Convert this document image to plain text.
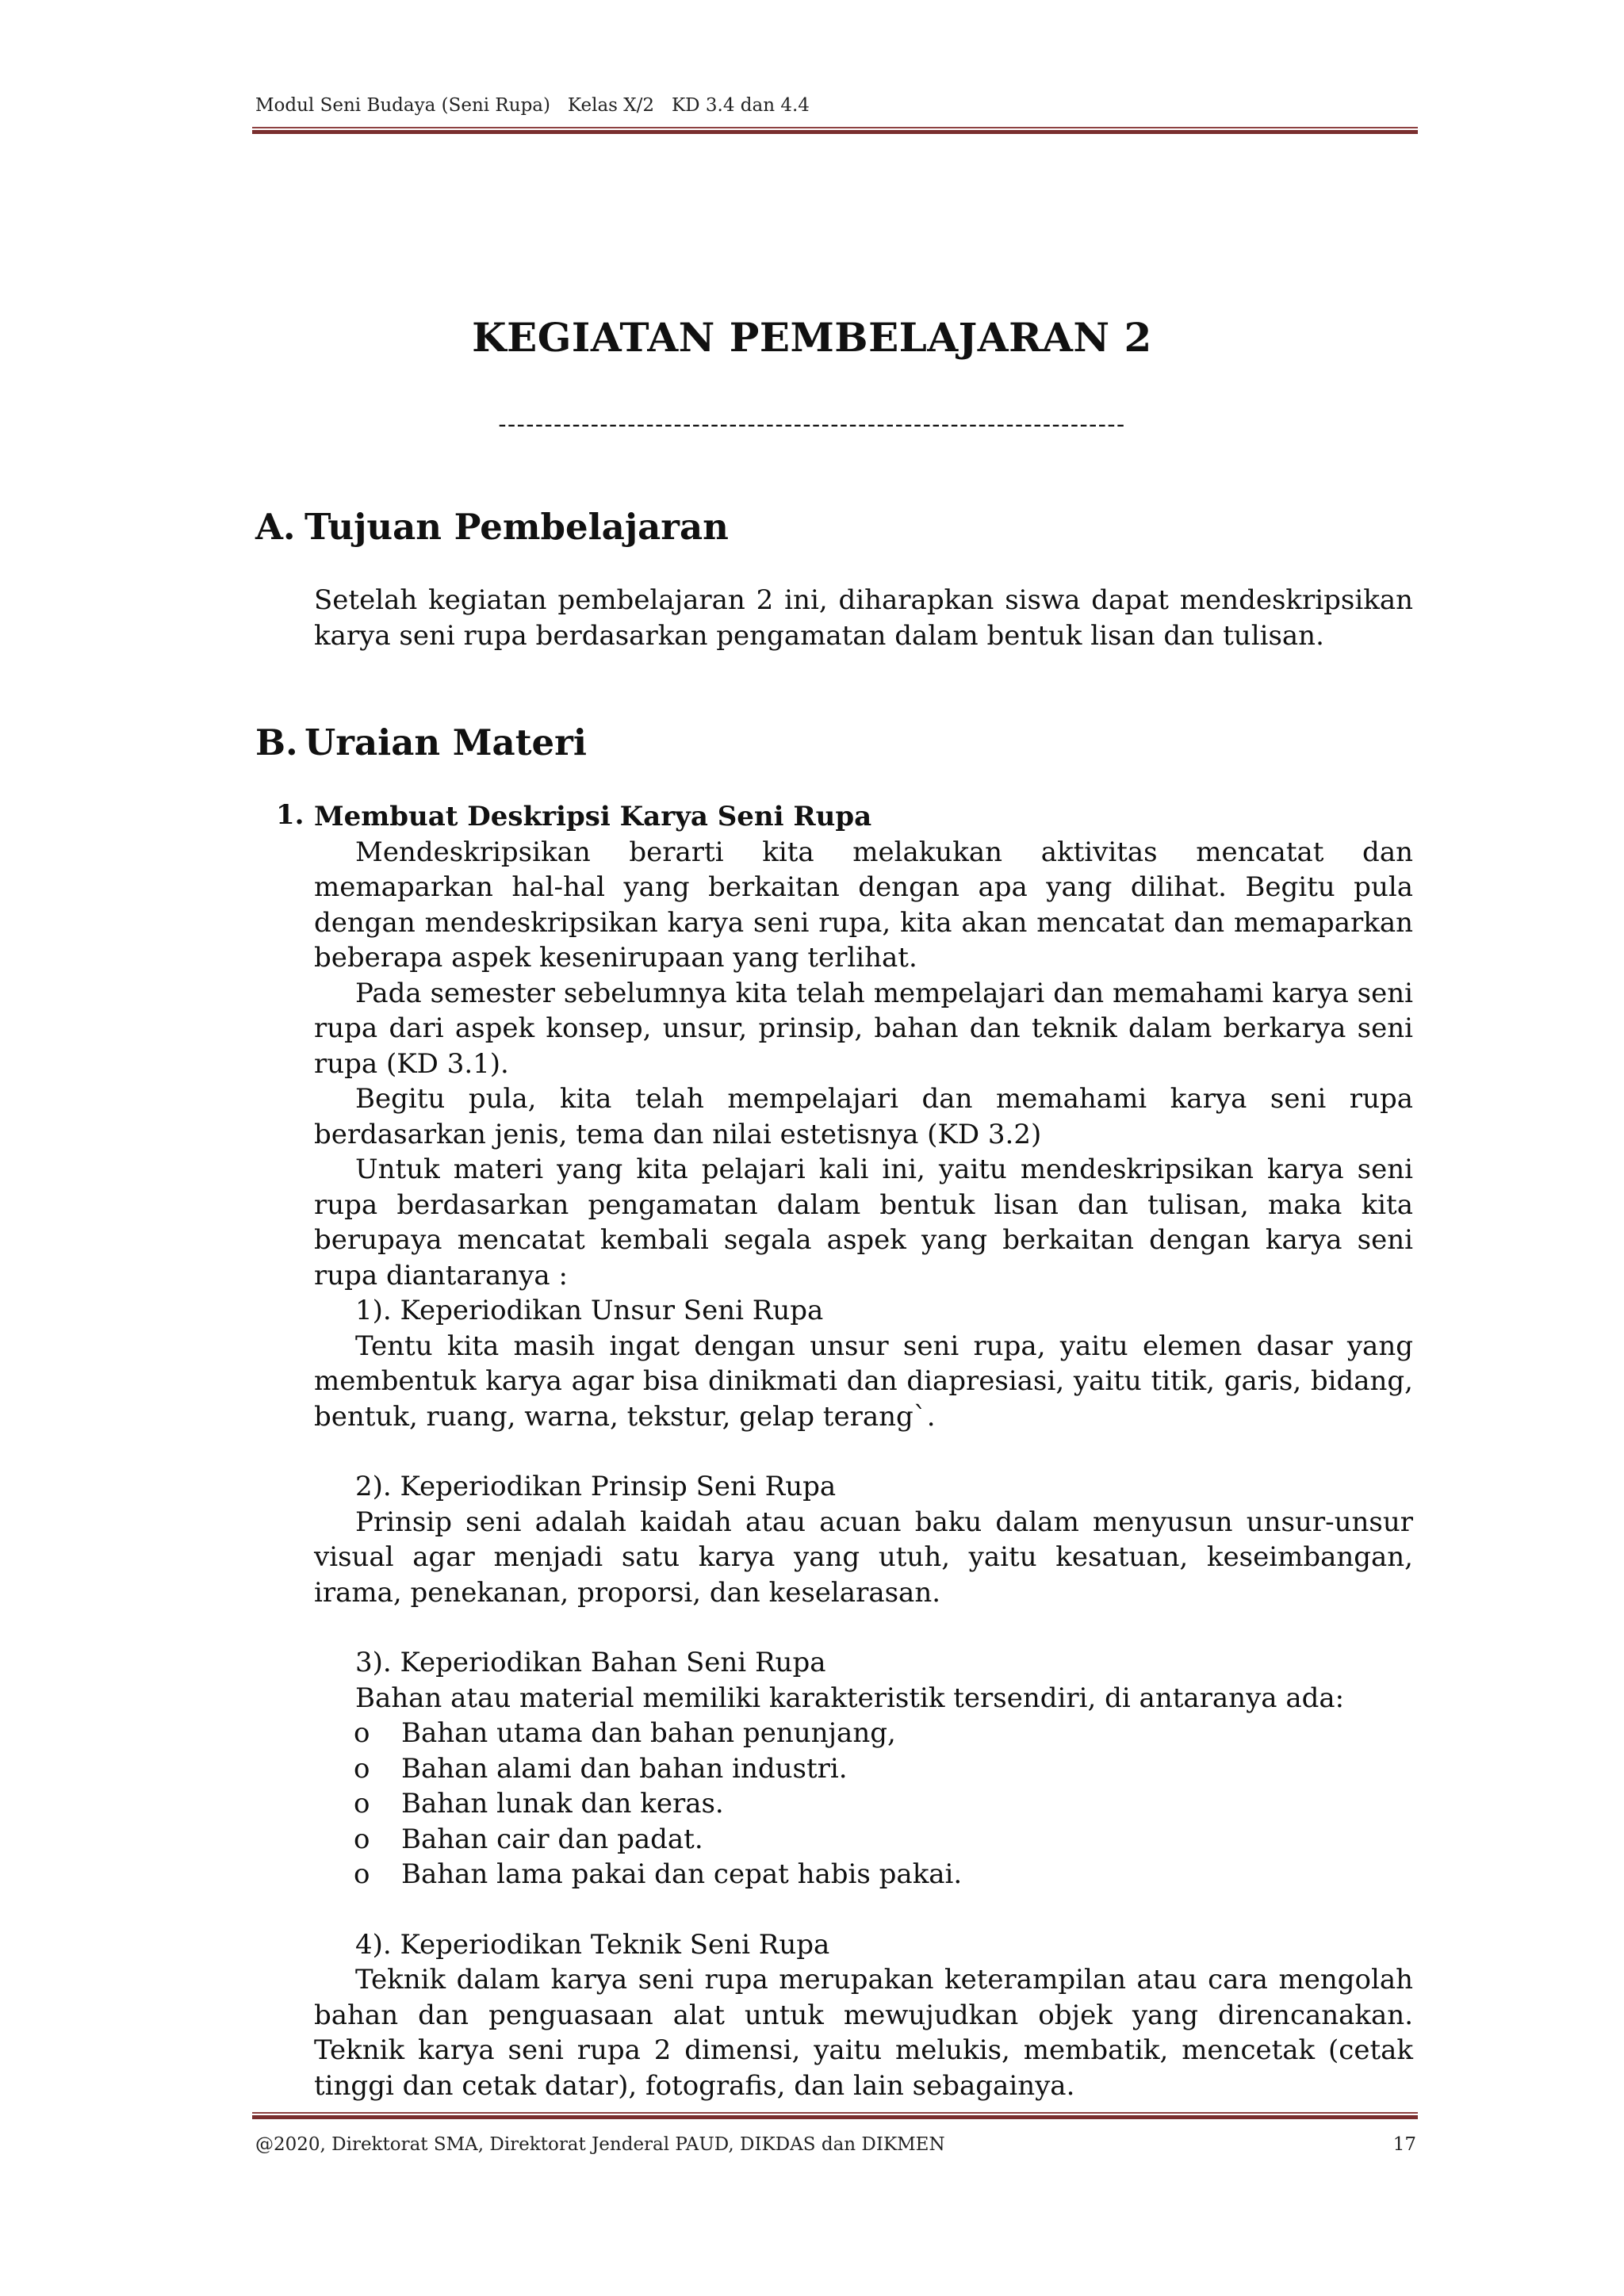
Modul Seni Budaya (Seni Rupa)   Kelas X/2   KD 3.4 dan 4.4
KEGIATAN PEMBELAJARAN 2
--------------------------------------------------------------------
A. Tujuan Pembelajaran

Setelah kegiatan pembelajaran 2 ini, diharapkan siswa dapat mendeskripsikan karya seni rupa berdasarkan pengamatan dalam bentuk lisan dan tulisan.

B. Uraian Materi
1. Membuat Deskripsi Karya Seni Rupa

Mendeskripsikan berarti kita melakukan aktivitas mencatat dan memaparkan hal-hal yang berkaitan dengan apa yang dilihat. Begitu pula dengan mendeskripsikan karya seni rupa, kita akan mencatat dan memaparkan beberapa aspek kesenirupaan yang terlihat.

Pada semester sebelumnya kita telah mempelajari dan memahami karya seni rupa dari aspek konsep, unsur, prinsip, bahan dan teknik dalam berkarya seni rupa (KD 3.1).

Begitu pula, kita telah mempelajari dan memahami karya seni rupa berdasarkan jenis, tema dan nilai estetisnya (KD 3.2)

Untuk materi yang kita pelajari kali ini, yaitu mendeskripsikan karya seni rupa berdasarkan pengamatan dalam bentuk lisan dan tulisan, maka kita berupaya mencatat kembali segala aspek yang berkaitan dengan karya seni rupa diantaranya :

1). Keperiodikan Unsur Seni Rupa

Tentu kita masih ingat dengan unsur seni rupa, yaitu elemen dasar yang membentuk karya agar bisa dinikmati dan diapresiasi, yaitu titik, garis, bidang, bentuk, ruang, warna, tekstur, gelap terang`.

2). Keperiodikan Prinsip Seni Rupa

Prinsip seni adalah kaidah atau acuan baku dalam menyusun unsur-unsur visual agar menjadi satu karya yang utuh, yaitu kesatuan, keseimbangan, irama, penekanan, proporsi, dan keselarasan.

3). Keperiodikan Bahan Seni Rupa

Bahan atau material memiliki karakteristik tersendiri, di antaranya ada:

o Bahan utama dan bahan penunjang,
o Bahan alami dan bahan industri.
o Bahan lunak dan keras.
o Bahan cair dan padat.
o Bahan lama pakai dan cepat habis pakai.

4). Keperiodikan Teknik Seni Rupa

Teknik dalam karya seni rupa merupakan keterampilan atau cara mengolah bahan dan penguasaan alat untuk mewujudkan objek yang direncanakan. Teknik karya seni rupa 2 dimensi, yaitu melukis, membatik, mencetak (cetak tinggi dan cetak datar), fotografis, dan lain sebagainya.

@2020, Direktorat SMA, Direktorat Jenderal PAUD, DIKDAS dan DIKMEN	17
